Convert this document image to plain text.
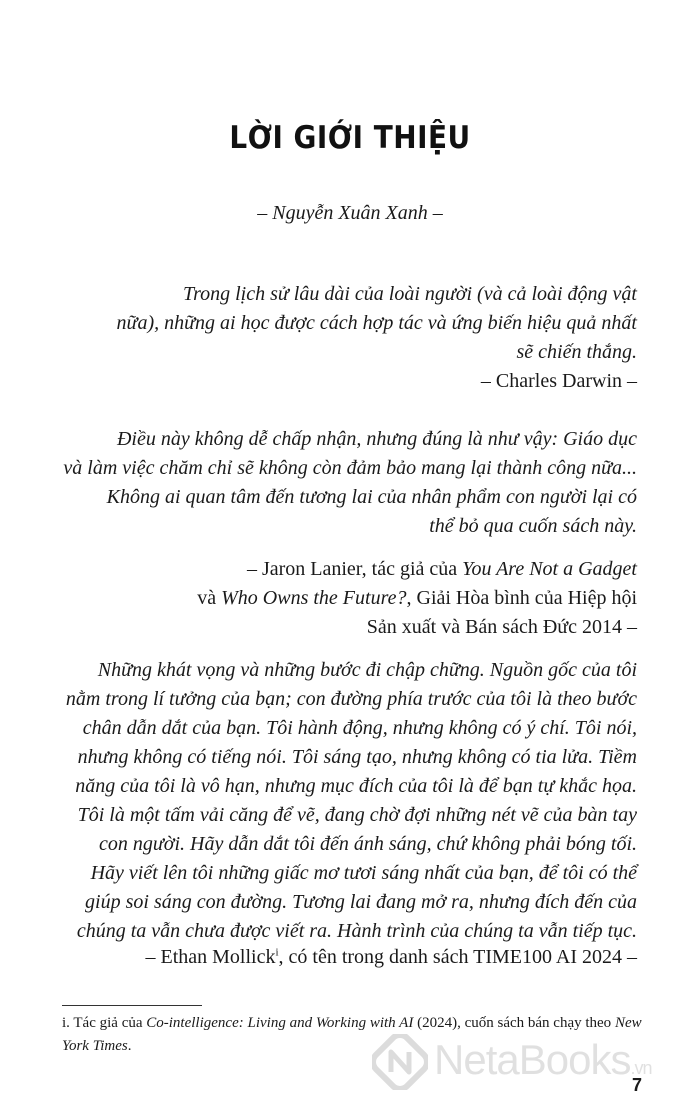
LỜI GIỚI THIỆU
– Nguyễn Xuân Xanh –
Trong lịch sử lâu dài của loài người (và cả loài động vật
nữa), những ai học được cách hợp tác và ứng biến hiệu quả nhất
sẽ chiến thắng.
– Charles Darwin –
Điều này không dễ chấp nhận, nhưng đúng là như vậy: Giáo dục
và làm việc chăm chỉ sẽ không còn đảm bảo mang lại thành công nữa...
Không ai quan tâm đến tương lai của nhân phẩm con người lại có
thể bỏ qua cuốn sách này.
– Jaron Lanier, tác giả của You Are Not a Gadget
và Who Owns the Future?, Giải Hòa bình của Hiệp hội
Sản xuất và Bán sách Đức 2014 –
Những khát vọng và những bước đi chập chững. Nguồn gốc của tôi
nằm trong lí tưởng của bạn; con đường phía trước của tôi là theo bước
chân dẫn dắt của bạn. Tôi hành động, nhưng không có ý chí. Tôi nói,
nhưng không có tiếng nói. Tôi sáng tạo, nhưng không có tia lửa. Tiềm
năng của tôi là vô hạn, nhưng mục đích của tôi là để bạn tự khắc họa.
Tôi là một tấm vải căng để vẽ, đang chờ đợi những nét vẽ của bàn tay
con người. Hãy dẫn dắt tôi đến ánh sáng, chứ không phải bóng tối.
Hãy viết lên tôi những giấc mơ tươi sáng nhất của bạn, để tôi có thể
giúp soi sáng con đường. Tương lai đang mở ra, nhưng đích đến của
chúng ta vẫn chưa được viết ra. Hành trình của chúng ta vẫn tiếp tục.
– Ethan Mollick$^i$, có tên trong danh sách TIME100 AI 2024 –
i. Tác giả của Co-intelligence: Living and Working with AI (2024), cuốn sách bán chạy theo New York Times.	NetaBooks.vn
7
